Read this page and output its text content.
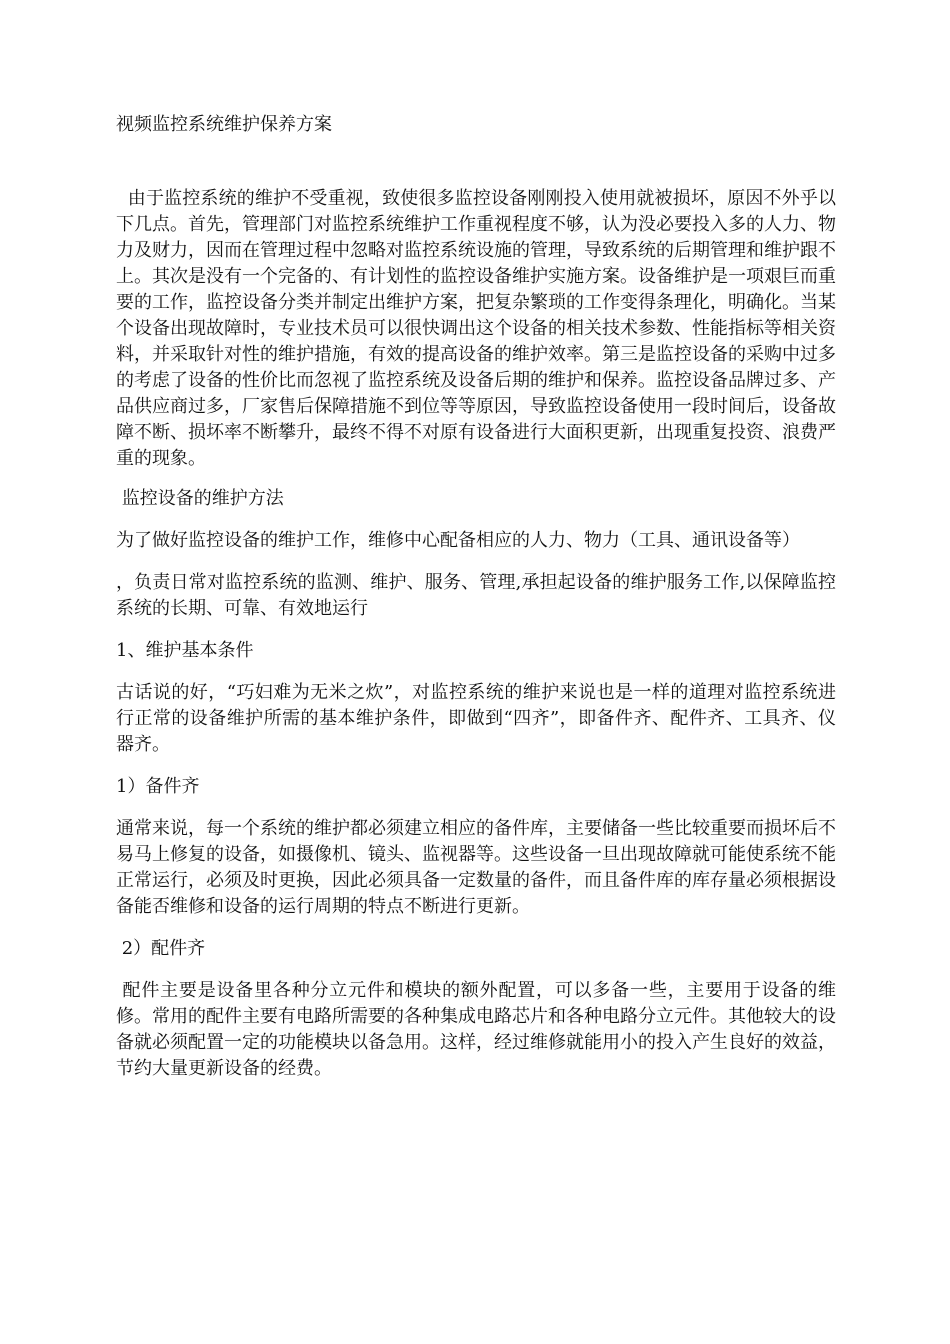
视频监控系统维护保养方案

由于监控系统的维护不受重视，致使很多监控设备刚刚投入使用就被损坏，原因不外乎以下几点。首先，管理部门对监控系统维护工作重视程度不够，认为没必要投入多的人力、物力及财力，因而在管理过程中忽略对监控系统设施的管理，导致系统的后期管理和维护跟不上。其次是没有一个完备的、有计划性的监控设备维护实施方案。设备维护是一项艰巨而重要的工作，监控设备分类并制定出维护方案，把复杂繁琐的工作变得条理化，明确化。当某个设备出现故障时，专业技术员可以很快调出这个设备的相关技术参数、性能指标等相关资料，并采取针对性的维护措施，有效的提高设备的维护效率。第三是监控设备的采购中过多的考虑了设备的性价比而忽视了监控系统及设备后期的维护和保养。监控设备品牌过多、产品供应商过多，厂家售后保障措施不到位等等原因，导致监控设备使用一段时间后，设备故障不断、损坏率不断攀升，最终不得不对原有设备进行大面积更新，出现重复投资、浪费严重的现象。

监控设备的维护方法

为了做好监控设备的维护工作，维修中心配备相应的人力、物力（工具、通讯设备等）

，负责日常对监控系统的监测、维护、服务、管理,承担起设备的维护服务工作,以保障监控系统的长期、可靠、有效地运行

1、维护基本条件

古话说的好，“巧妇难为无米之炊”，对监控系统的维护来说也是一样的道理对监控系统进行正常的设备维护所需的基本维护条件，即做到“四齐”，即备件齐、配件齐、工具齐、仪器齐。

1）备件齐

通常来说，每一个系统的维护都必须建立相应的备件库，主要储备一些比较重要而损坏后不易马上修复的设备，如摄像机、镜头、监视器等。这些设备一旦出现故障就可能使系统不能正常运行，必须及时更换，因此必须具备一定数量的备件，而且备件库的库存量必须根据设备能否维修和设备的运行周期的特点不断进行更新。

2）配件齐

配件主要是设备里各种分立元件和模块的额外配置，可以多备一些，主要用于设备的维修。常用的配件主要有电路所需要的各种集成电路芯片和各种电路分立元件。其他较大的设备就必须配置一定的功能模块以备急用。这样，经过维修就能用小的投入产生良好的效益，节约大量更新设备的经费。
